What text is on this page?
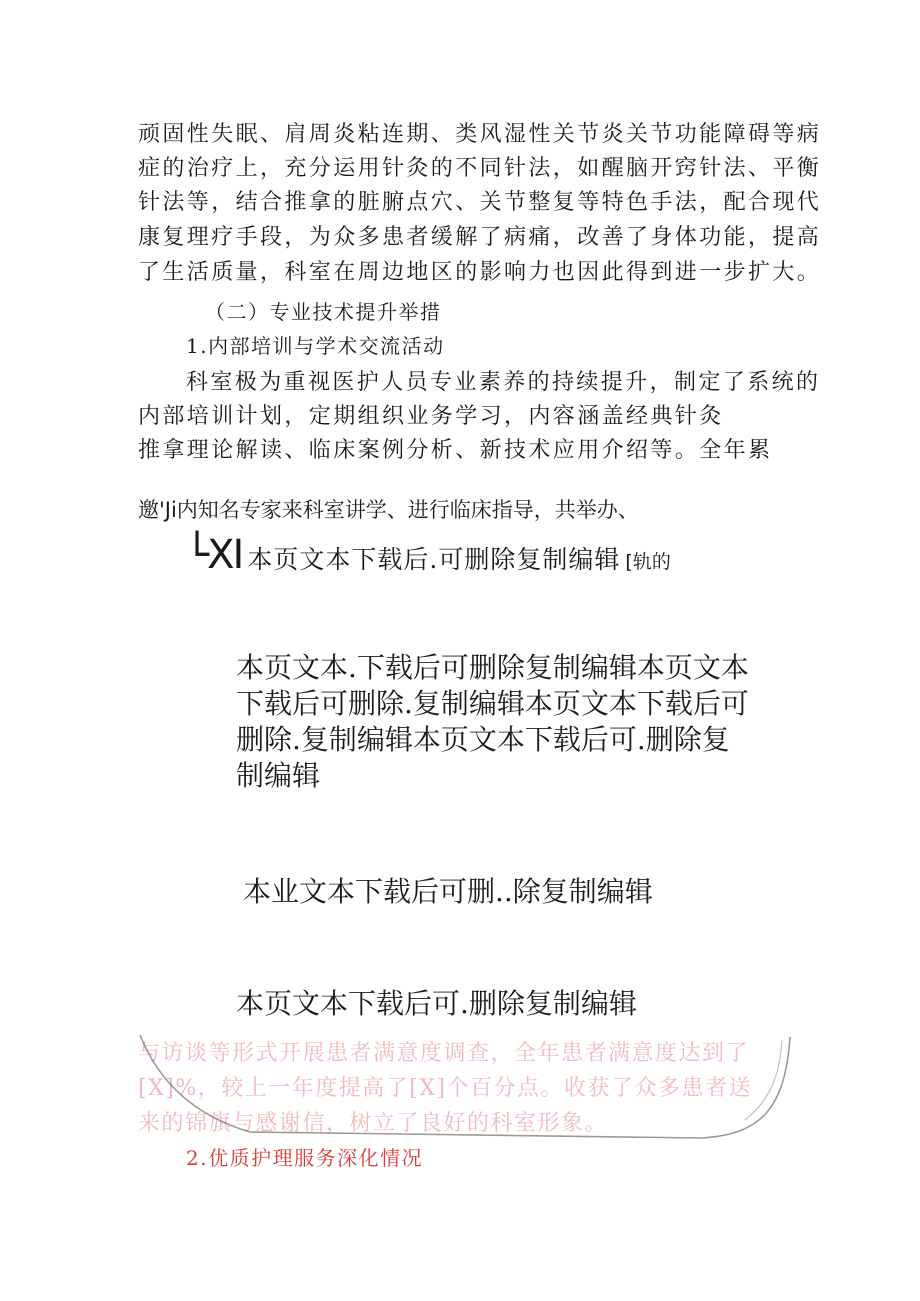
顽固性失眠、肩周炎粘连期、类风湿性关节炎关节功能障碍等病
症的治疗上，充分运用针灸的不同针法，如醒脑开窍针法、平衡
针法等，结合推拿的脏腑点穴、关节整复等特色手法，配合现代
康复理疗手段，为众多患者缓解了病痛，改善了身体功能，提高
了生活质量，科室在周边地区的影响力也因此得到进一步扩大。
（二）专业技术提升举措
1.内部培训与学术交流活动
科室极为重视医护人员专业素养的持续提升，制定了系统的
内部培训计划，定期组织业务学习，内容涵盖经典针灸
推拿理论解读、临床案例分析、新技术应用介绍等。全年累
邀'Ji内知名专家来科室讲学、进行临床指导，共举办、
└XI 本页文本下载后.可删除复制编辑 [轨的
本页文本.下载后可删除复制编辑本页文本
下载后可删除.复制编辑本页文本下载后可
删除.复制编辑本页文本下载后可.删除复
制编辑
本业文本下载后可删..除复制编辑
本页文本下载后可.删除复制编辑
与访谈等形式开展患者满意度调查，全年患者满意度达到了
[X]%，较上一年度提高了[X]个百分点。收获了众多患者送
来的锦旗与感谢信，树立了良好的科室形象。
2.优质护理服务深化情况
